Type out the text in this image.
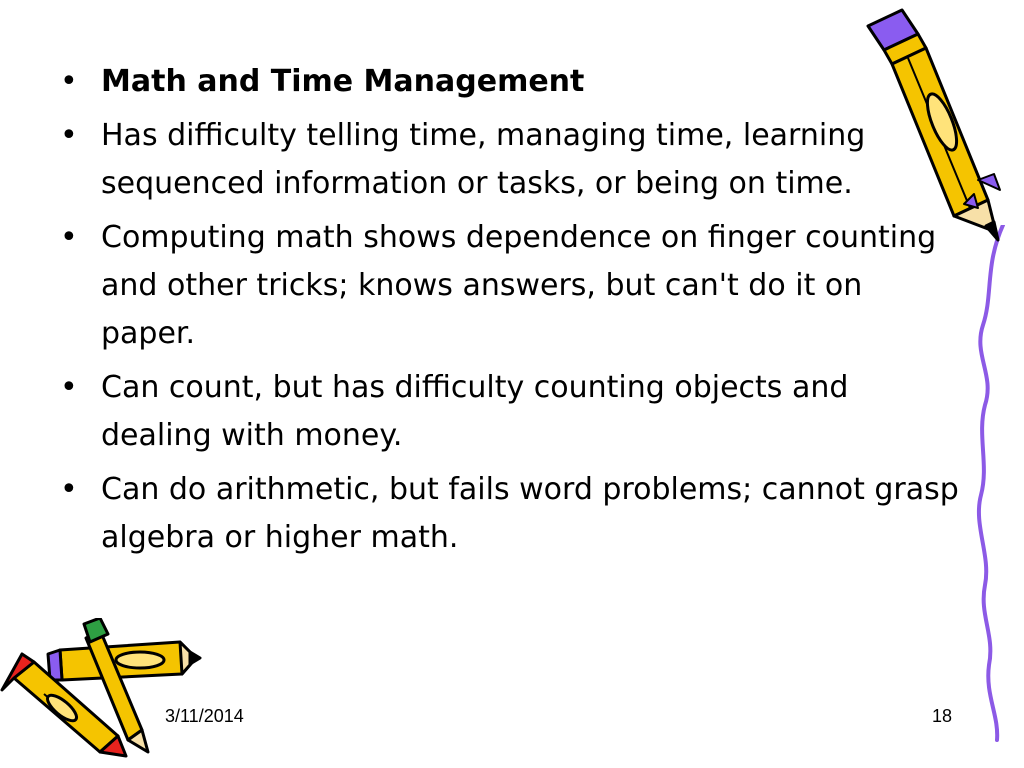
• Math and Time Management
• Has difficulty telling time, managing time, learning sequenced information or tasks, or being on time.
• Computing math shows dependence on finger counting and other tricks; knows answers, but can't do it on paper.
• Can count, but has difficulty counting objects and dealing with money.
• Can do arithmetic, but fails word problems; cannot grasp algebra or higher math.
3/11/2014	18
